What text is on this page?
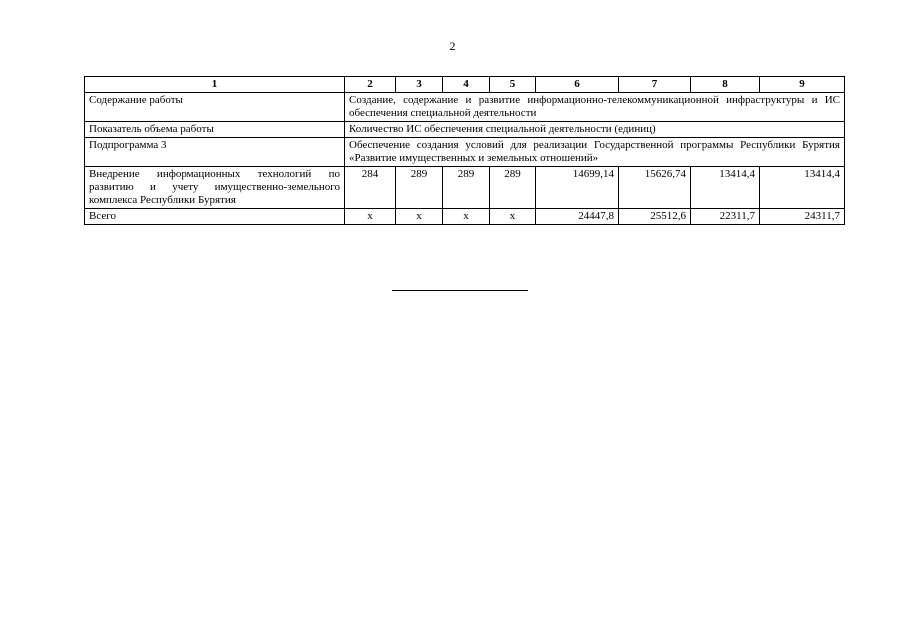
2
1	2	3	4	5	6	7	8	9
Содержание работы	Создание, содержание и развитие информационно-телекоммуникационной инфраструктуры и ИС обеспечения специальной деятельности							
Показатель объема работы	Количество ИС обеспечения специальной деятельности (единиц)							
Подпрограмма 3	Обеспечение создания условий для реализации Государственной программы Республики Бурятия «Развитие имущественных и земельных отношений»							
Внедрение информационных технологий по развитию и учету имущественно-земельного комплекса Республики Бурятия	284	289	289	289	14699,14	15626,74	13414,4	13414,4
Всего	х	х	х	х	24447,8	25512,6	22311,7	24311,7
